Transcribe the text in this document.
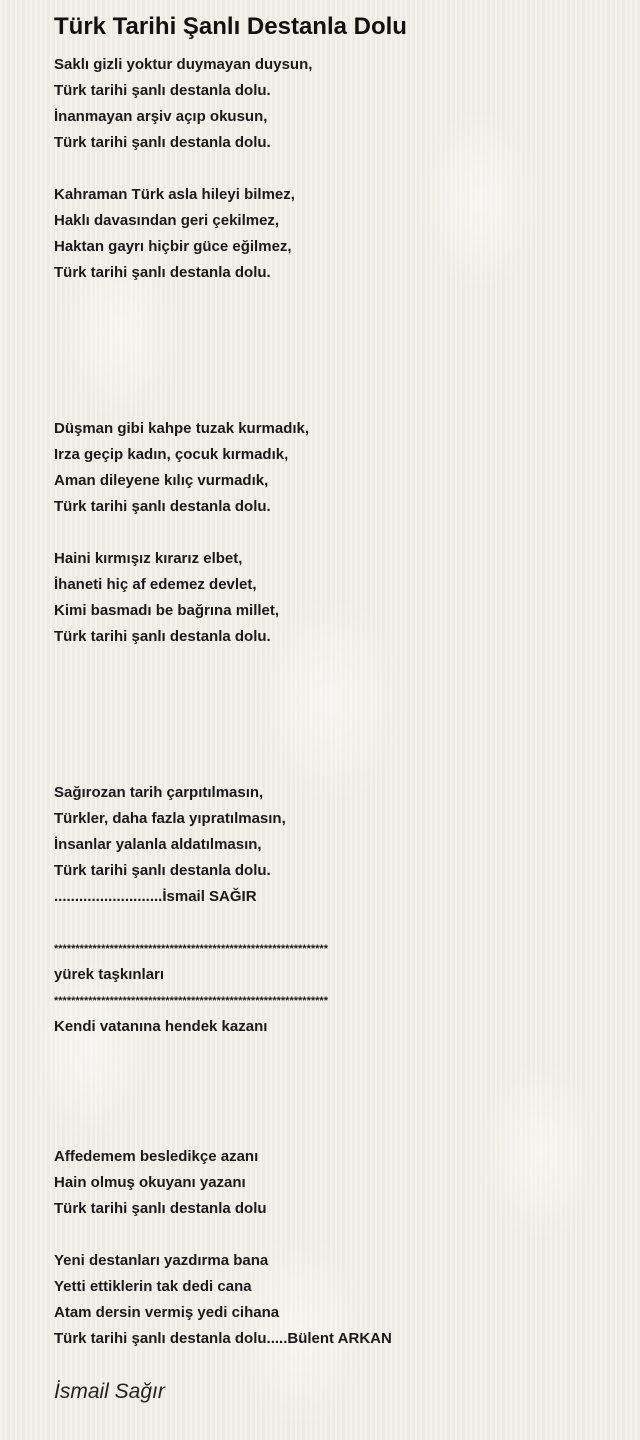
Türk Tarihi Şanlı Destanla Dolu
Saklı gizli yoktur duymayan duysun,
Türk tarihi şanlı destanla dolu.
İnanmayan arşiv açıp okusun,
Türk tarihi şanlı destanla dolu.
Kahraman Türk asla hileyi bilmez,
Haklı davasından geri çekilmez,
Haktan gayrı hiçbir güce eğilmez,
Türk tarihi şanlı destanla dolu.
Düşman gibi kahpe tuzak kurmadık,
Irza geçip kadın, çocuk kırmadık,
Aman dileyene kılıç vurmadık,
Türk tarihi şanlı destanla dolu.
Haini kırmışız kırarız elbet,
İhaneti hiç af edemez devlet,
Kimi basmadı be bağrına millet,
Türk tarihi şanlı destanla dolu.
Sağırozan tarih çarpıtılmasın,
Türkler, daha fazla yıpratılmasın,
İnsanlar yalanla aldatılmasın,
Türk tarihi şanlı destanla dolu.
..........................İsmail SAĞIR
****************************************************************
yürek taşkınları
****************************************************************
Kendi vatanına hendek kazanı
Affedemem besledikçe azanı
Hain olmuş okuyanı yazanı
Türk tarihi şanlı destanla dolu
Yeni destanları yazdırma bana
Yetti ettiklerin tak dedi cana
Atam dersin vermiş yedi cihana
Türk tarihi şanlı destanla dolu.....Bülent ARKAN
İsmail Sağır
